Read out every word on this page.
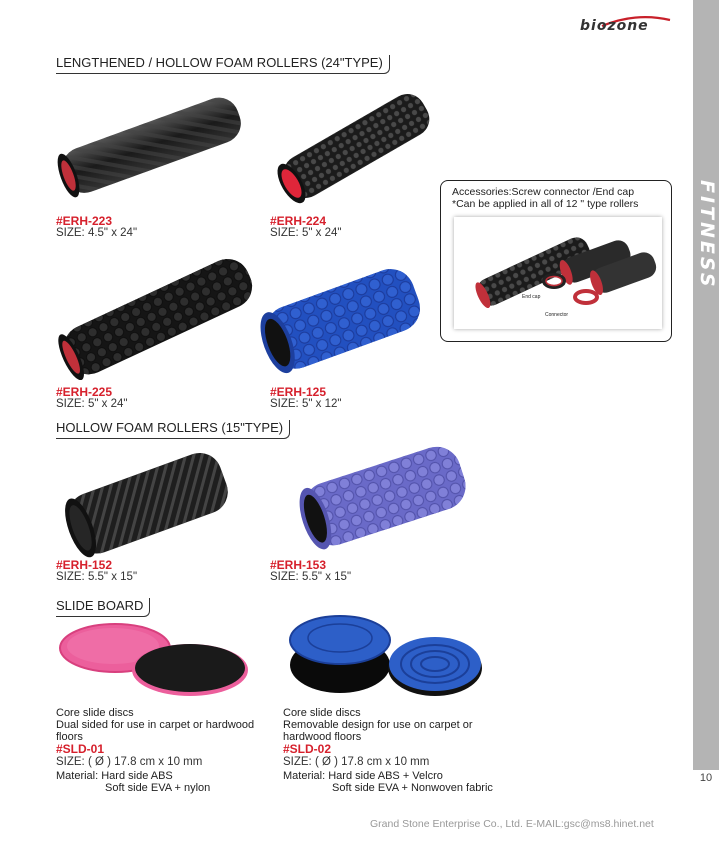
FITNESS ACCESSORY
10
biozone
LENGTHENED / HOLLOW FOAM ROLLERS (24"TYPE)
#ERH-223
SIZE: 4.5" x 24"
#ERH-224
SIZE: 5" x 24"
Accessories:Screw connector /End cap
*Can be applied in all of 12 " type rollers
End cap
Connector
#ERH-225
SIZE: 5" x 24"
#ERH-125
SIZE: 5" x 12"
HOLLOW FOAM ROLLERS (15"TYPE)
#ERH-152
SIZE: 5.5" x 15"
#ERH-153
SIZE: 5.5" x 15"
SLIDE BOARD
Core slide discs
Dual sided for use in carpet or hardwood
floors
#SLD-01
SIZE: ( Ø ) 17.8 cm x 10 mm
Material: Hard side ABS
Soft side EVA + nylon
Core slide discs
Removable design for use on carpet or
hardwood floors
#SLD-02
SIZE: ( Ø ) 17.8 cm x 10 mm
Material: Hard side ABS + Velcro
Soft side EVA + Nonwoven fabric
Grand Stone Enterprise Co., Ltd. E-MAIL:gsc@ms8.hinet.net
